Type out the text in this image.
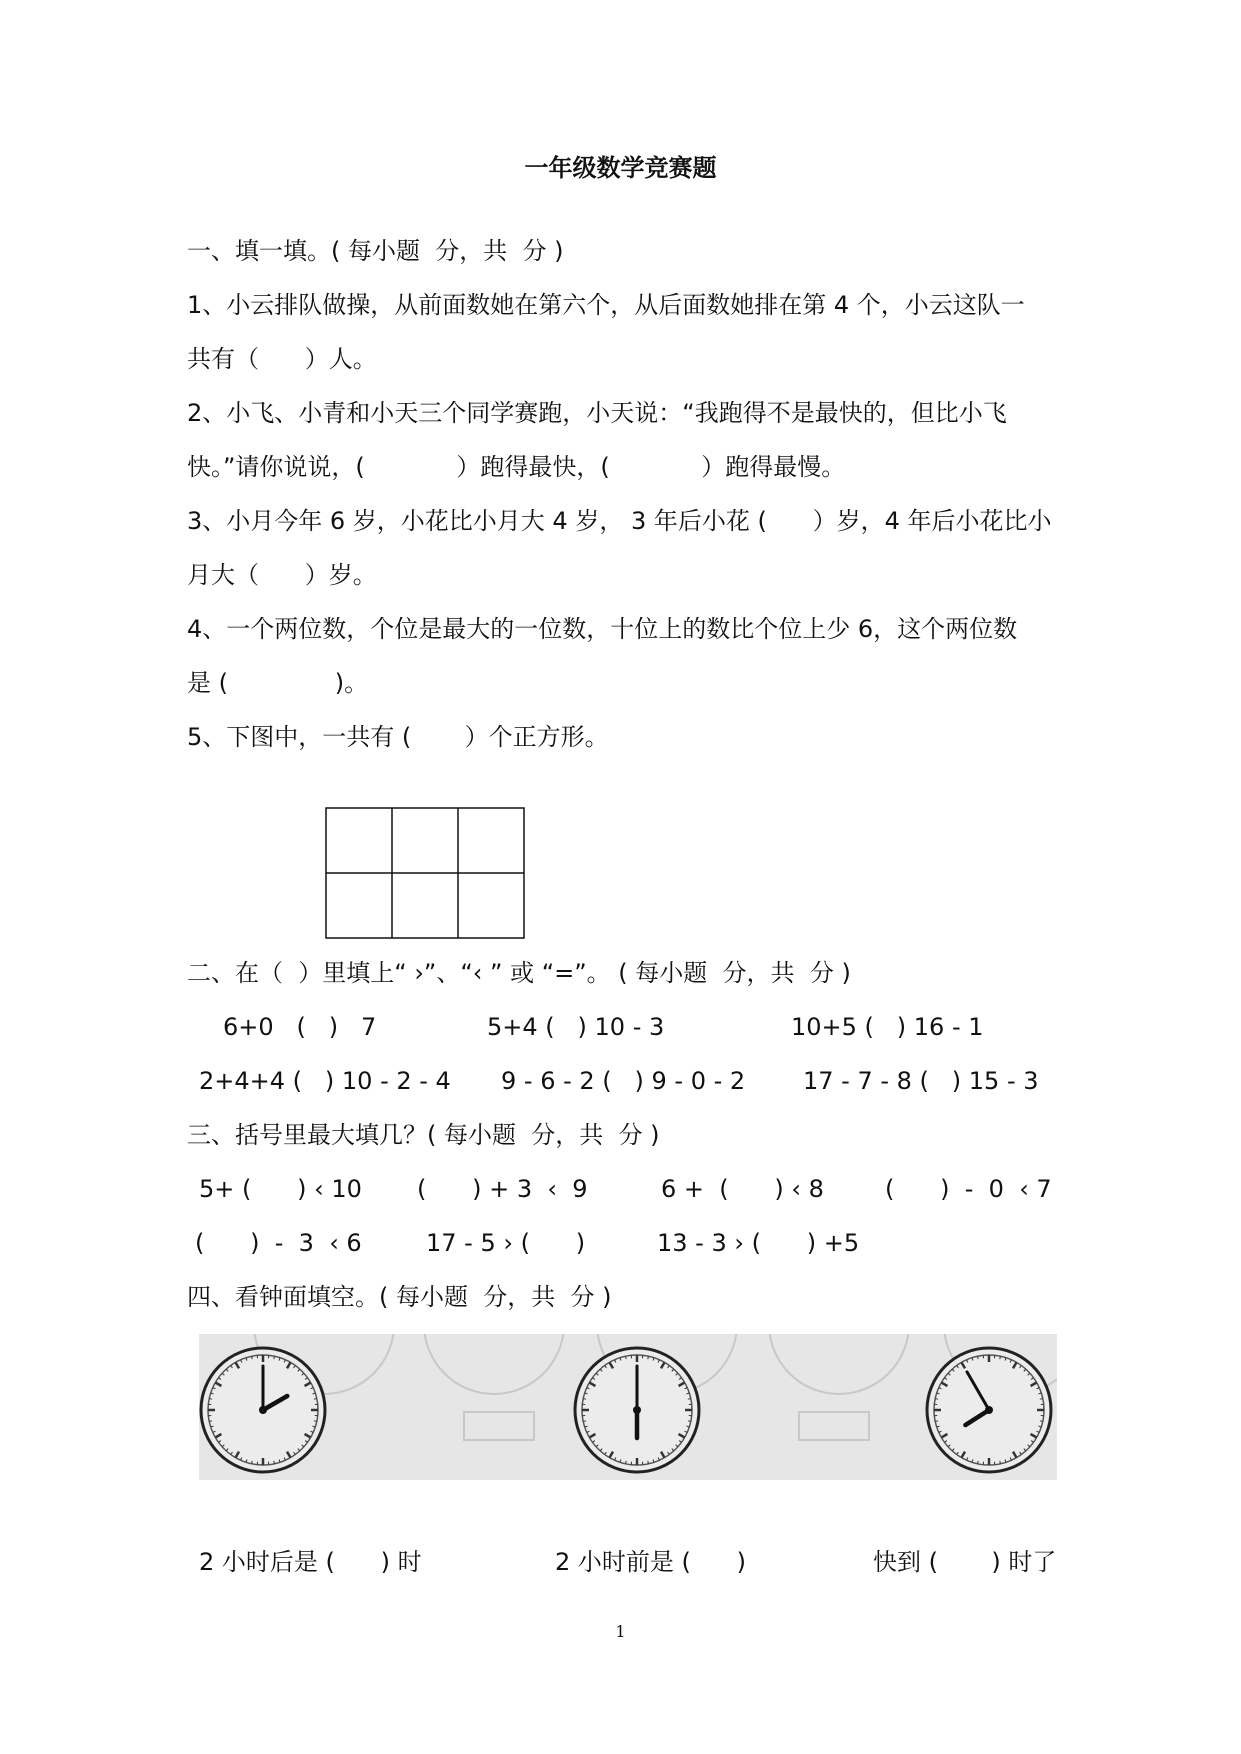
一年级数学竞赛题
一、填一填。( 每小题  分，共  分 )
1、小云排队做操，从前面数她在第六个，从后面数她排在第 4 个，小云这队一
共有（      ）人。
2、小飞、小青和小天三个同学赛跑，小天说：“我跑得不是最快的，但比小飞
快。”请你说说，(            ）跑得最快，(            ）跑得最慢。
3、小月今年 6 岁，小花比小月大 4 岁， 3 年后小花 (      ）岁，4 年后小花比小
月大（      ）岁。
4、一个两位数，个位是最大的一位数，十位上的数比个位上少 6，这个两位数
是 (              )。
5、下图中，一共有 (       ）个正方形。
二、在（  ）里填上“ ›”、“‹ ” 或 “=”。 ( 每小题  分，共  分 )
6+0   (   )   7	5+4 (   ) 10 - 3	10+5 (   ) 16 - 1
2+4+4 (   ) 10 - 2 - 4 9 - 6 - 2 (   ) 9 - 0 - 2 17 - 7 - 8 (   ) 15 - 3
三、括号里最大填几？( 每小题  分，共  分 )
5+ (      ) ‹ 10 (      ) + 3  ‹  9	6 +  (      ) ‹ 8	(      )  -  0  ‹ 7
(      )  -  3  ‹ 6	17 - 5 › (      )	13 - 3 › (      ) +5
四、看钟面填空。( 每小题  分，共  分 )
2 小时后是 (      ) 时	2 小时前是 (      )	快到 (       ) 时了
1
